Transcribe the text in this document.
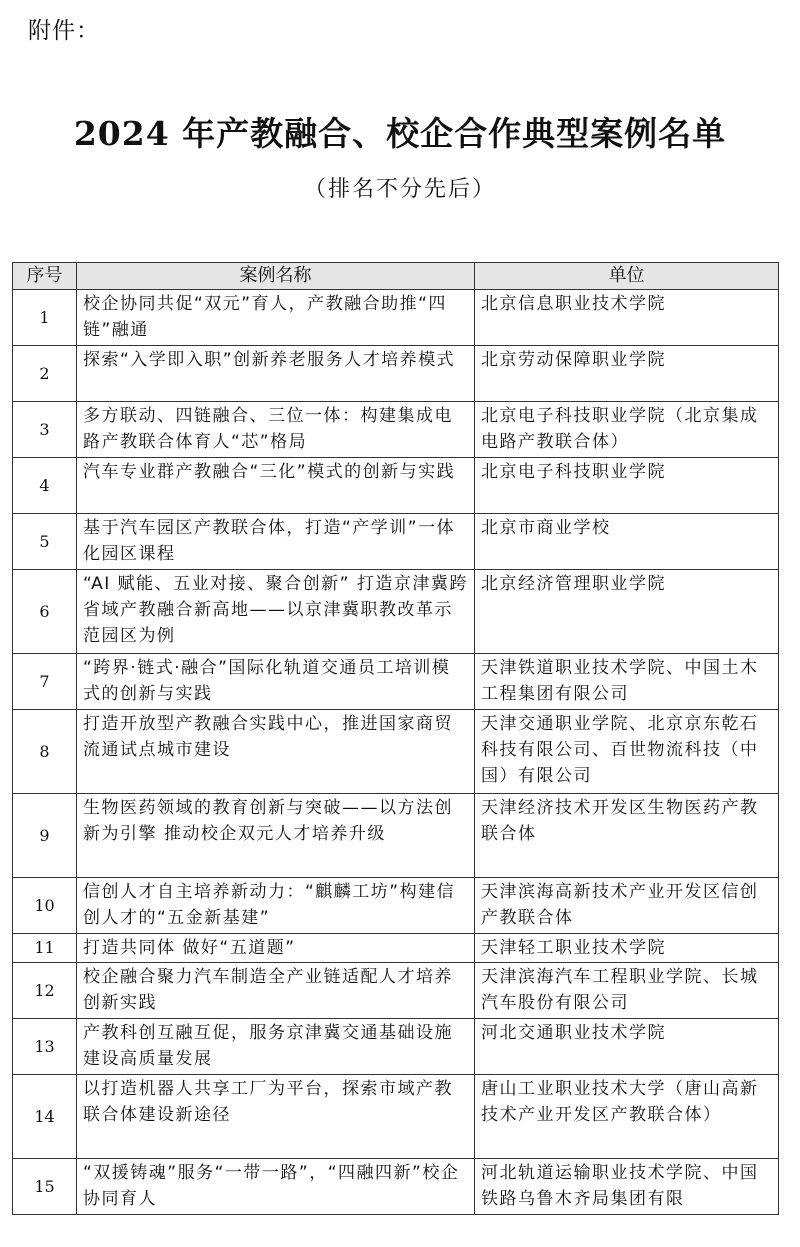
附件：
2024 年产教融合、校企合作典型案例名单
（排名不分先后）
序号	案例名称	单位
1	校企协同共促“双元”育人，产教融合助推“四链”融通	北京信息职业技术学院
2	探索“入学即入职”创新养老服务人才培养模式	北京劳动保障职业学院
3	多方联动、四链融合、三位一体：构建集成电路产教联合体育人“芯”格局	北京电子科技职业学院（北京集成电路产教联合体）
4	汽车专业群产教融合“三化”模式的创新与实践	北京电子科技职业学院
5	基于汽车园区产教联合体，打造“产学训”一体化园区课程	北京市商业学校
6	“AI 赋能、五业对接、聚合创新” 打造京津冀跨省域产教融合新高地——以京津冀职教改革示范园区为例	北京经济管理职业学院
7	“跨界·链式·融合”国际化轨道交通员工培训模式的创新与实践	天津铁道职业技术学院、中国土木工程集团有限公司
8	打造开放型产教融合实践中心，推进国家商贸流通试点城市建设	天津交通职业学院、北京京东乾石科技有限公司、百世物流科技（中国）有限公司
9	生物医药领域的教育创新与突破——以方法创新为引擎 推动校企双元人才培养升级	天津经济技术开发区生物医药产教联合体
10	信创人才自主培养新动力：“麒麟工坊”构建信创人才的“五金新基建”	天津滨海高新技术产业开发区信创产教联合体
11	打造共同体 做好“五道题”	天津轻工职业技术学院
12	校企融合聚力汽车制造全产业链适配人才培养创新实践	天津滨海汽车工程职业学院、长城汽车股份有限公司
13	产教科创互融互促，服务京津冀交通基础设施建设高质量发展	河北交通职业技术学院
14	以打造机器人共享工厂为平台，探索市域产教联合体建设新途径	唐山工业职业技术大学（唐山高新技术产业开发区产教联合体）
15	“双援铸魂”服务“一带一路”，“四融四新”校企协同育人	河北轨道运输职业技术学院、中国铁路乌鲁木齐局集团有限
